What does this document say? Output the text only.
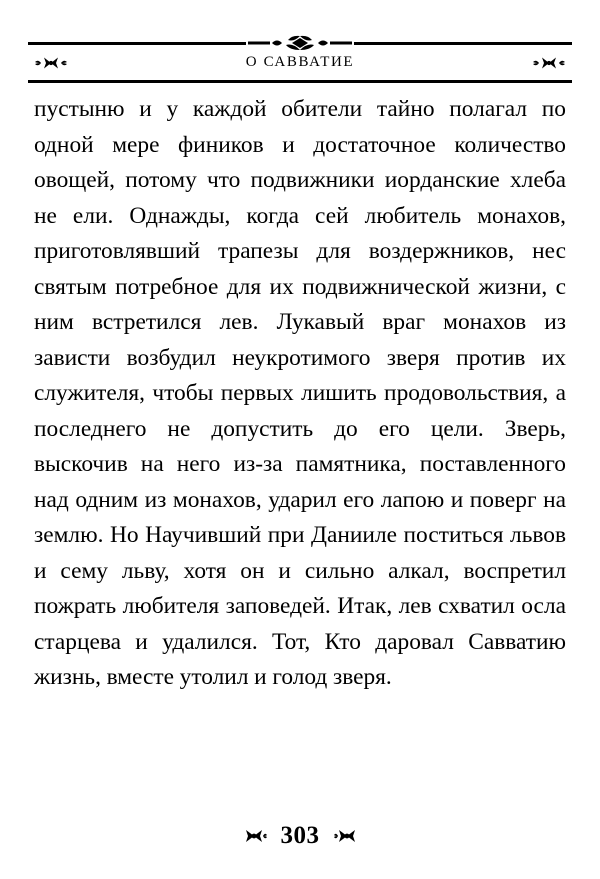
О САВВАТИЕ

пустыню и у каждой обители тайно полагал по одной мере фиников и достаточное количество овощей, потому что подвижники иорданские хлеба не ели. Однажды, когда сей любитель монахов, приготовлявший трапезы для воздержников, нес святым потребное для их подвижнической жизни, с ним встретился лев. Лукавый враг монахов из зависти возбудил неукротимого зверя против их служителя, чтобы первых лишить продовольствия, а последнего не допустить до его цели. Зверь, выскочив на него из-за памятника, поставленного над одним из монахов, ударил его лапою и поверг на землю. Но Научивший при Данииле поститься львов и сему льву, хотя он и сильно алкал, воспретил пожрать любителя заповедей. Итак, лев схватил осла старцева и удалился. Тот, Кто даровал Савватию жизнь, вместе утолил и голод зверя.

303
